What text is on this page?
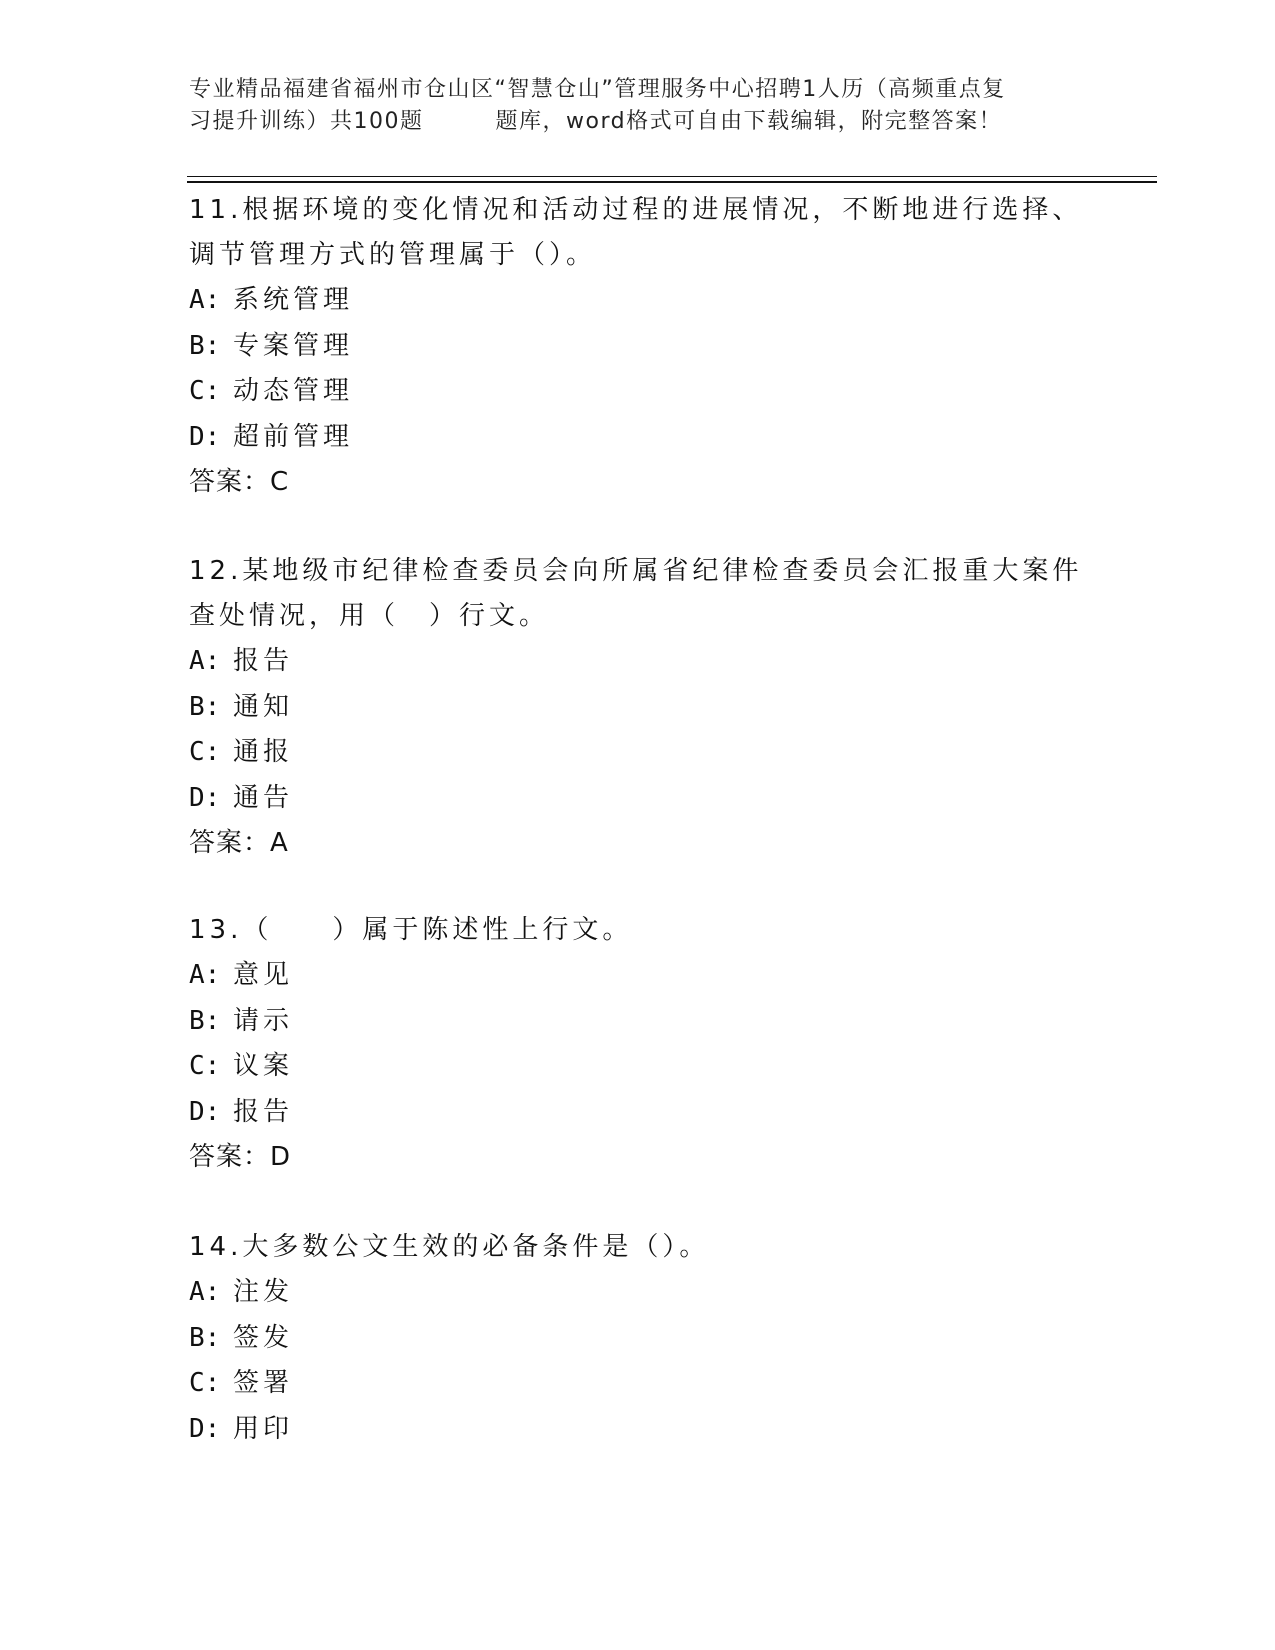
专业精品福建省福州市仓山区“智慧仓山”管理服务中心招聘1人历（高频重点复
习提升训练）共100题	题库，word格式可自由下载编辑，附完整答案！
11.根据环境的变化情况和活动过程的进展情况，不断地进行选择、调节管理方式的管理属于（）。
A: 系统管理
B: 专案管理
C: 动态管理
D: 超前管理
答案：C
12.某地级市纪律检查委员会向所属省纪律检查委员会汇报重大案件查处情况，用（　）行文。
A: 报告
B: 通知
C: 通报
D: 通告
答案：A
13.（　　）属于陈述性上行文。
A: 意见
B: 请示
C: 议案
D: 报告
答案：D
14.大多数公文生效的必备条件是（）。
A: 注发
B: 签发
C: 签署
D: 用印
